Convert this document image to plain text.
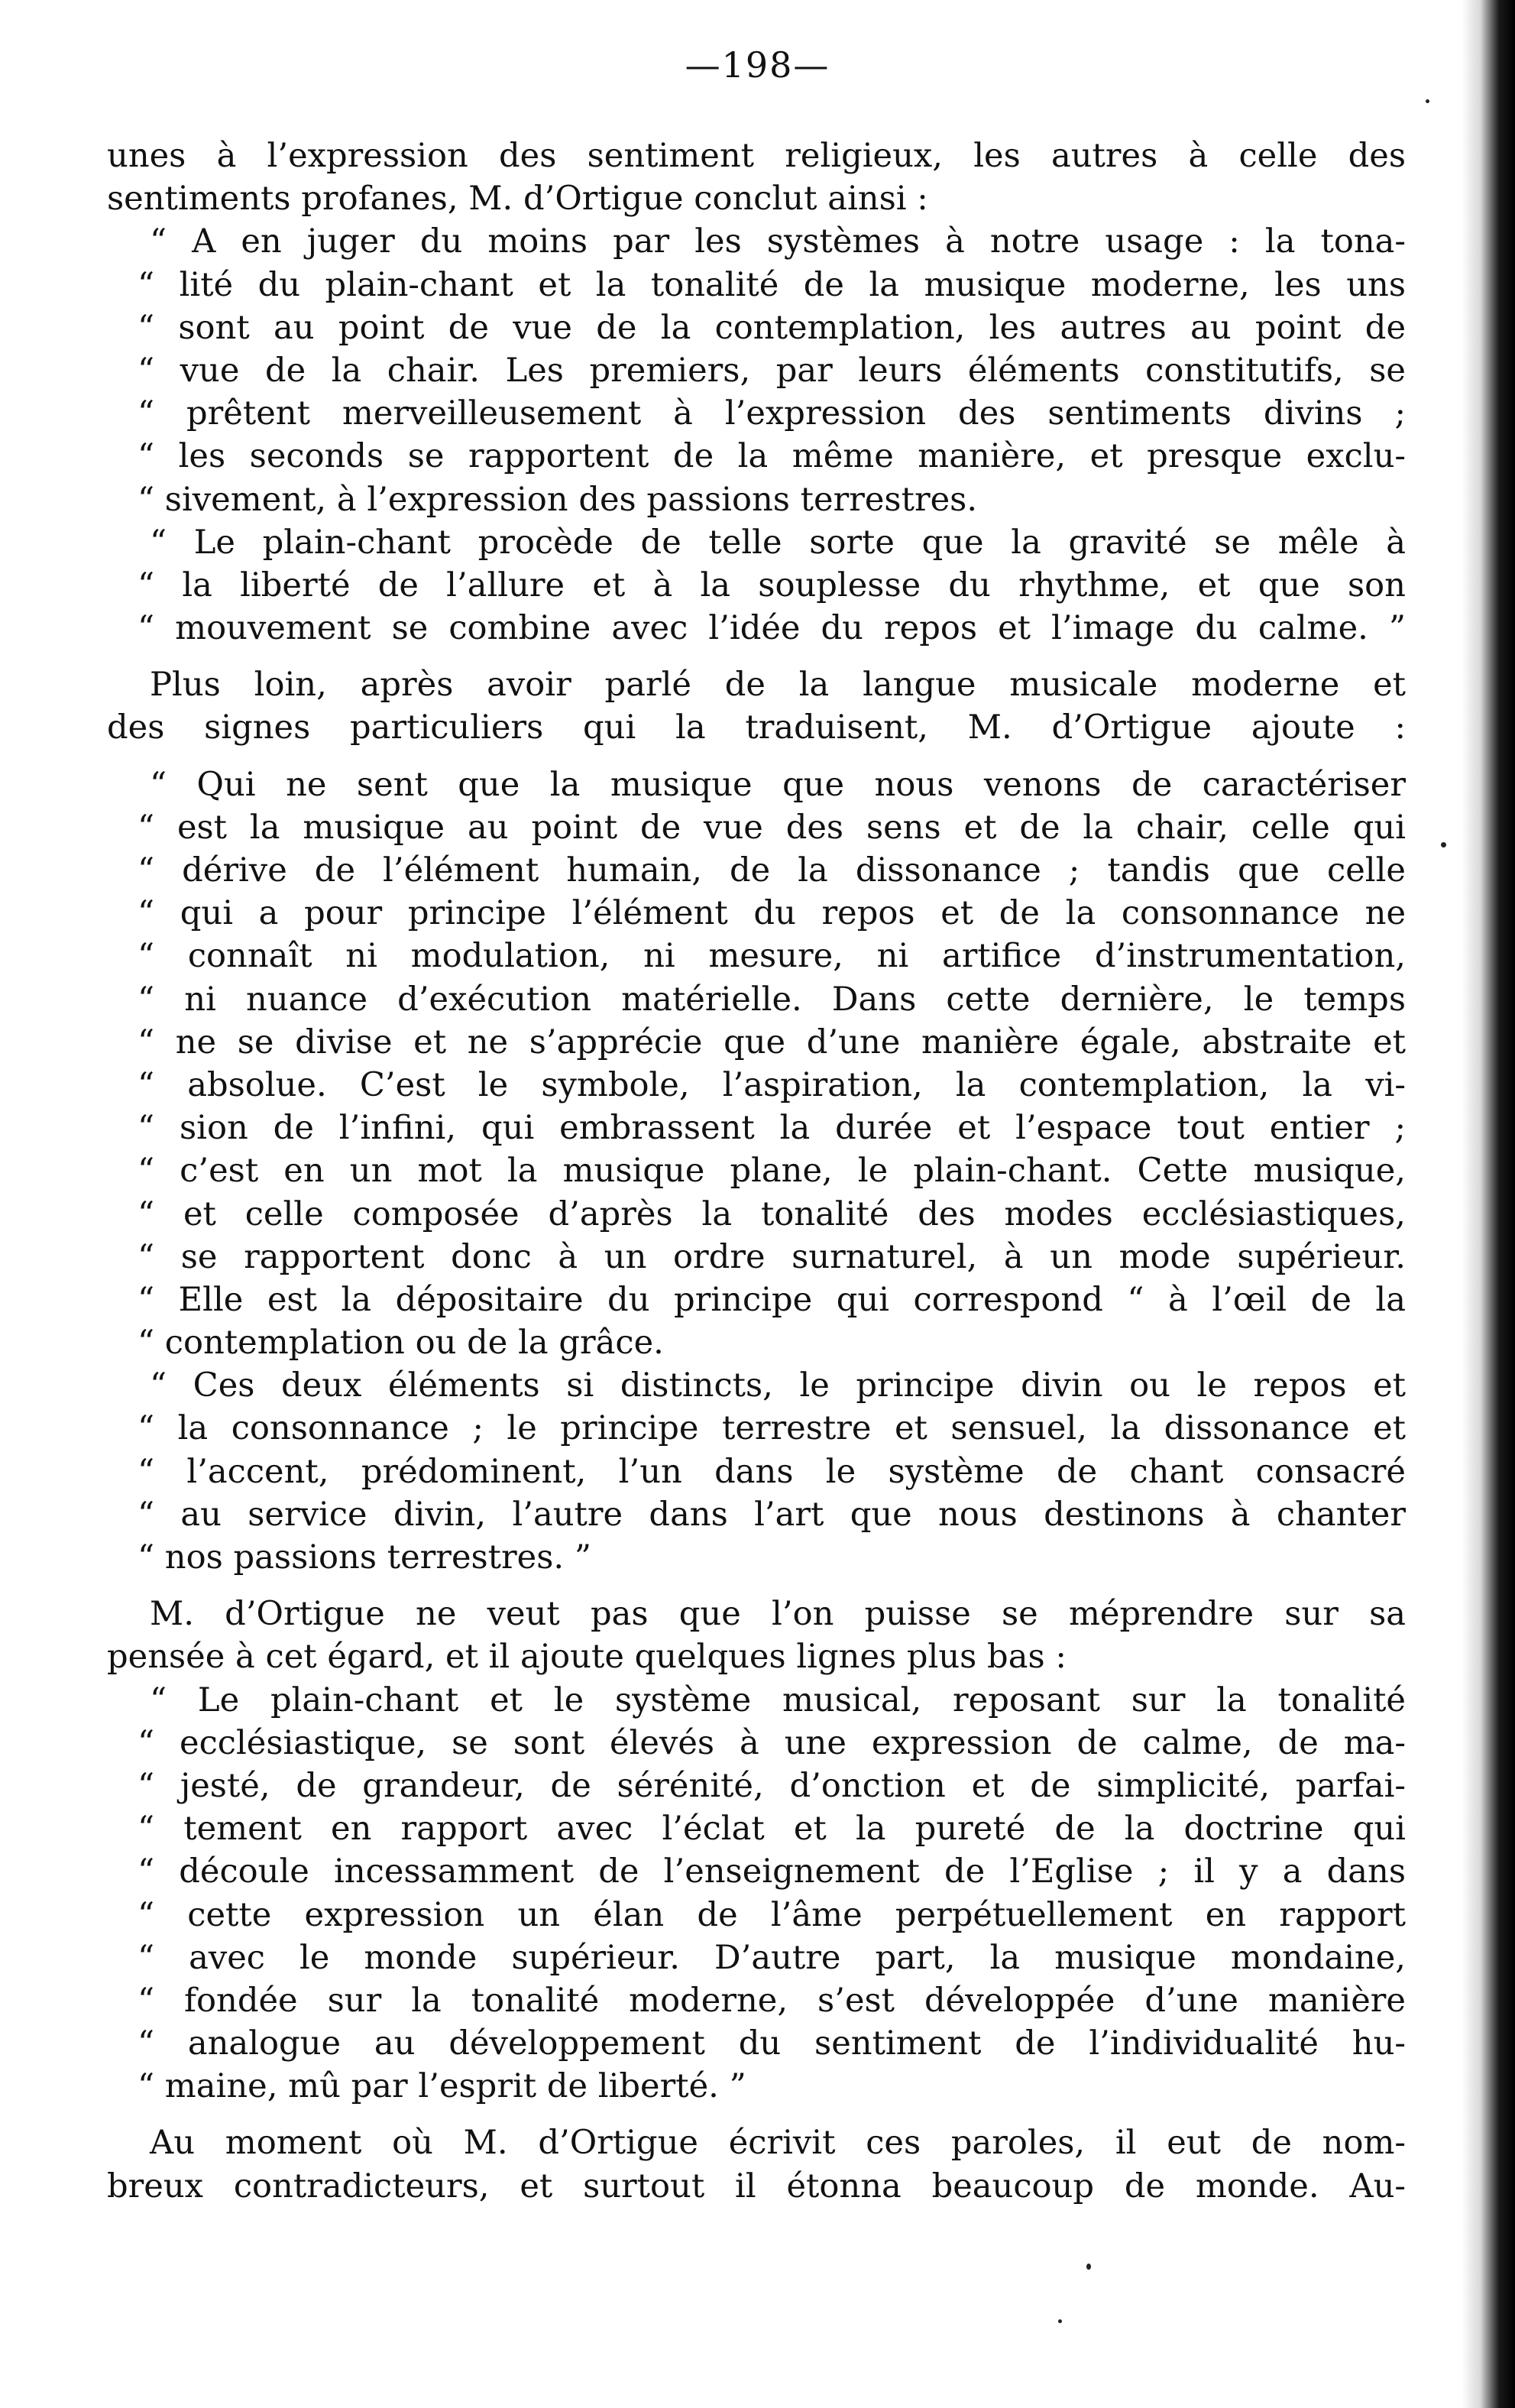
—198—
unes à l’expression des sentiment religieux, les autres à celle des
sentiments profanes, M. d’Ortigue conclut ainsi :
“ A en juger du moins par les systèmes à notre usage : la tona-
“ lité du plain-chant et la tonalité de la musique moderne, les uns
“ sont au point de vue de la contemplation, les autres au point de
“ vue de la chair. Les premiers, par leurs éléments constitutifs, se
“ prêtent merveilleusement à l’expression des sentiments divins ;
“ les seconds se rapportent de la même manière, et presque exclu-
“ sivement, à l’expression des passions terrestres.
“ Le plain-chant procède de telle sorte que la gravité se mêle à
“ la liberté de l’allure et à la souplesse du rhythme, et que son
“ mouvement se combine avec l’idée du repos et l’image du calme. ”
Plus loin, après avoir parlé de la langue musicale moderne et
des signes particuliers qui la traduisent, M. d’Ortigue ajoute :
“ Qui ne sent que la musique que nous venons de caractériser
“ est la musique au point de vue des sens et de la chair, celle qui
“ dérive de l’élément humain, de la dissonance ; tandis que celle
“ qui a pour principe l’élément du repos et de la consonnance ne
“ connaît ni modulation, ni mesure, ni artifice d’instrumentation,
“ ni nuance d’exécution matérielle. Dans cette dernière, le temps
“ ne se divise et ne s’apprécie que d’une manière égale, abstraite et
“ absolue. C’est le symbole, l’aspiration, la contemplation, la vi-
“ sion de l’infini, qui embrassent la durée et l’espace tout entier ;
“ c’est en un mot la musique plane, le plain-chant. Cette musique,
“ et celle composée d’après la tonalité des modes ecclésiastiques,
“ se rapportent donc à un ordre surnaturel, à un mode supérieur.
“ Elle est la dépositaire du principe qui correspond “ à l’œil de la
“ contemplation ou de la grâce.
“ Ces deux éléments si distincts, le principe divin ou le repos et
“ la consonnance ; le principe terrestre et sensuel, la dissonance et
“ l’accent, prédominent, l’un dans le système de chant consacré
“ au service divin, l’autre dans l’art que nous destinons à chanter
“ nos passions terrestres. ”
M. d’Ortigue ne veut pas que l’on puisse se méprendre sur sa
pensée à cet égard, et il ajoute quelques lignes plus bas :
“ Le plain-chant et le système musical, reposant sur la tonalité
“ ecclésiastique, se sont élevés à une expression de calme, de ma-
“ jesté, de grandeur, de sérénité, d’onction et de simplicité, parfai-
“ tement en rapport avec l’éclat et la pureté de la doctrine qui
“ découle incessamment de l’enseignement de l’Eglise ; il y a dans
“ cette expression un élan de l’âme perpétuellement en rapport
“ avec le monde supérieur. D’autre part, la musique mondaine,
“ fondée sur la tonalité moderne, s’est développée d’une manière
“ analogue au développement du sentiment de l’individualité hu-
“ maine, mû par l’esprit de liberté. ”
Au moment où M. d’Ortigue écrivit ces paroles, il eut de nom-
breux contradicteurs, et surtout il étonna beaucoup de monde. Au-
